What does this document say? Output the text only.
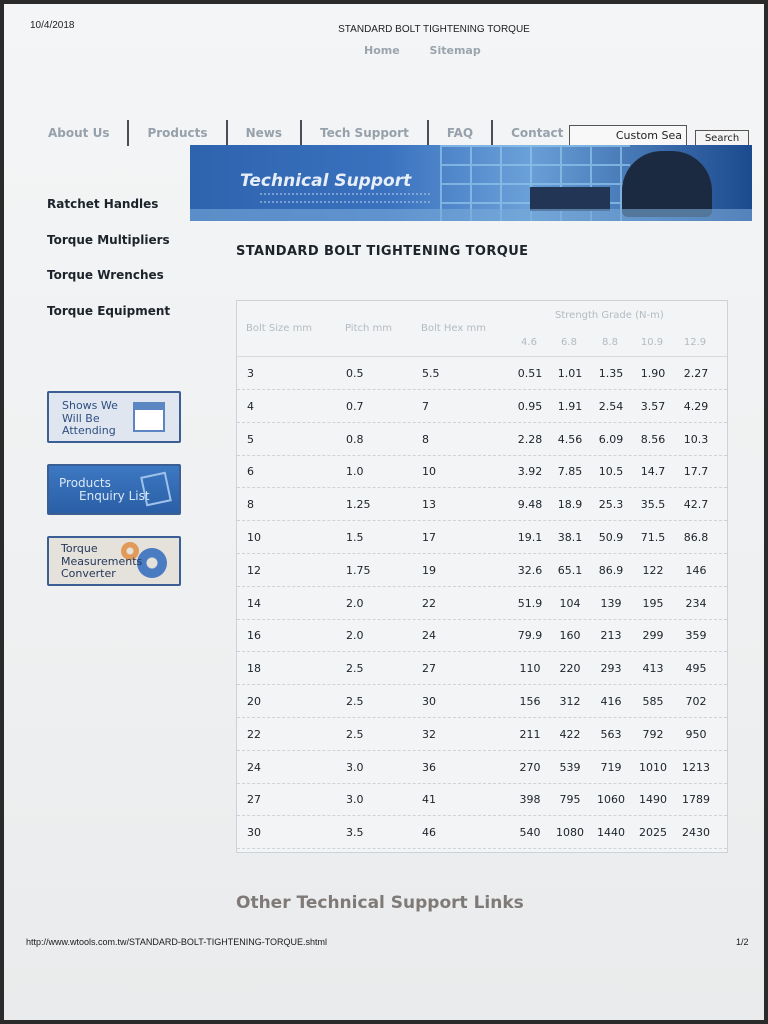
10/4/2018	STANDARD BOLT TIGHTENING TORQUE
Home	Sitemap
About Us	Products	News	Tech Support	FAQ	Contact	Custom Sea	Search
Technical Support
Ratchet Handles
Torque Multipliers
Torque Wrenches
Torque Equipment
Shows We
Will Be
Attending
Products
Enquiry List
Torque
Measurements
Converter
STANDARD BOLT TIGHTENING TORQUE
Bolt Size mm	Pitch mm	Bolt Hex mm
Strength Grade (N-m)
4.6	6.8	8.8	10.9	12.9
3	0.5	5.5	0.51	1.01	1.35	1.90	2.27
4	0.7	7	0.95	1.91	2.54	3.57	4.29
5	0.8	8	2.28	4.56	6.09	8.56	10.3
6	1.0	10	3.92	7.85	10.5	14.7	17.7
8	1.25	13	9.48	18.9	25.3	35.5	42.7
10	1.5	17	19.1	38.1	50.9	71.5	86.8
12	1.75	19	32.6	65.1	86.9	122	146
14	2.0	22	51.9	104	139	195	234
16	2.0	24	79.9	160	213	299	359
18	2.5	27	110	220	293	413	495
20	2.5	30	156	312	416	585	702
22	2.5	32	211	422	563	792	950
24	3.0	36	270	539	719	1010	1213
27	3.0	41	398	795	1060	1490	1789
30	3.5	46	540	1080	1440	2025	2430
Other Technical Support Links
http://www.wtools.com.tw/STANDARD-BOLT-TIGHTENING-TORQUE.shtml	1/2
